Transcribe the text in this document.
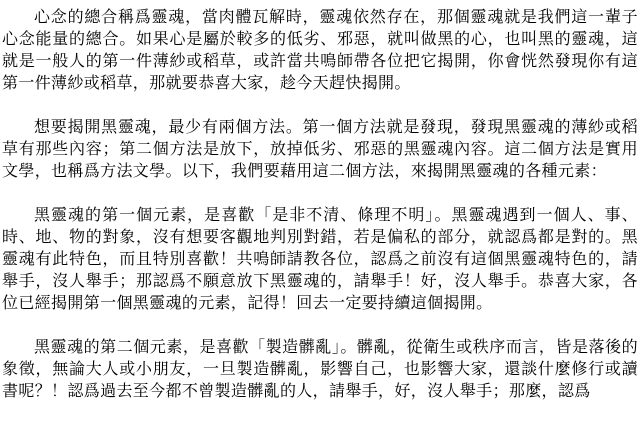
心念的總合稱爲靈魂，當肉體瓦解時，靈魂依然存在，那個靈魂就是我們這一輩子心念能量的總合。如果心是屬於較多的低劣、邪惡，就叫做黑的心，也叫黑的靈魂，這就是一般人的第一件薄紗或稻草，或許當共鳴師帶各位把它揭開，你會恍然發現你有這第一件薄紗或稻草，那就要恭喜大家，趁今天趕快揭開。

想要揭開黑靈魂，最少有兩個方法。第一個方法就是發現，發現黑靈魂的薄紗或稻草有那些內容；第二個方法是放下，放掉低劣、邪惡的黑靈魂內容。這二個方法是實用文學，也稱爲方法文學。以下，我們要藉用這二個方法，來揭開黑靈魂的各種元素：

黑靈魂的第一個元素，是喜歡「是非不清、條理不明」。黑靈魂遇到一個人、事、時、地、物的對象，沒有想要客觀地判別對錯，若是偏私的部分，就認爲都是對的。黑靈魂有此特色，而且特別喜歡！共鳴師請教各位，認爲之前沒有這個黑靈魂特色的，請舉手，沒人舉手；那認爲不願意放下黑靈魂的，請舉手！好，沒人舉手。恭喜大家，各位已經揭開第一個黑靈魂的元素，記得！回去一定要持續這個揭開。

黑靈魂的第二個元素，是喜歡「製造髒亂」。髒亂，從衛生或秩序而言，皆是落後的象徵，無論大人或小朋友，一旦製造髒亂，影響自己，也影響大家，還談什麼修行或讀書呢？！認爲過去至今都不曾製造髒亂的人，請舉手，好，沒人舉手；那麼，認爲
